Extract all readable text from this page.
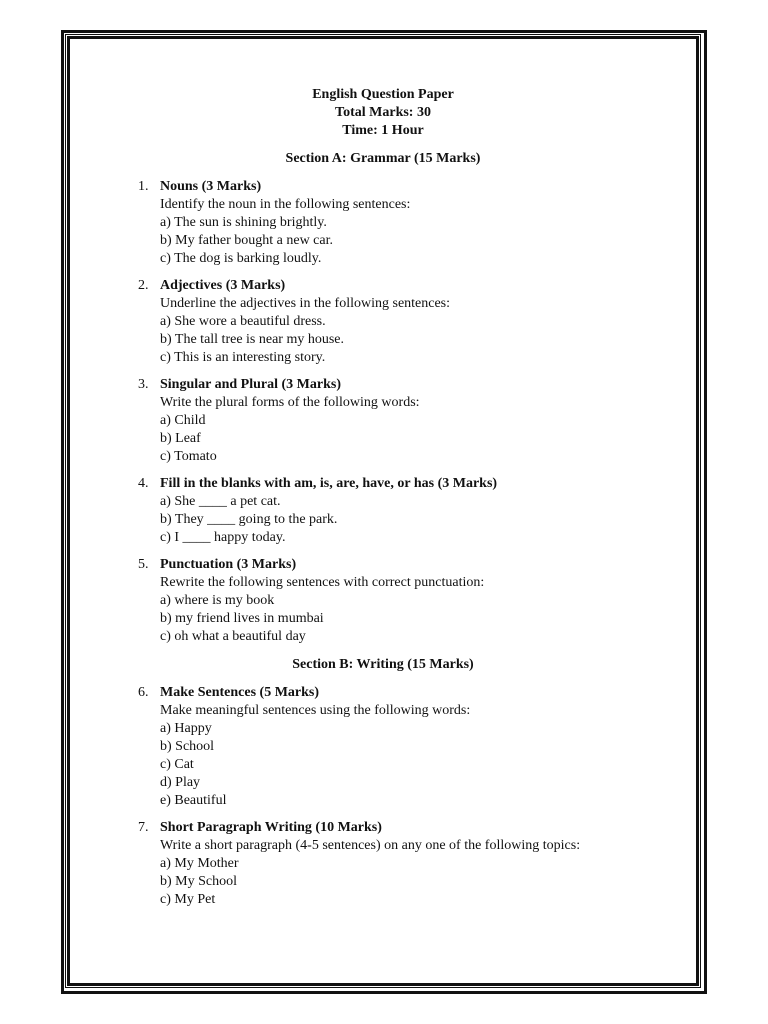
English Question Paper
Total Marks: 30
Time: 1 Hour
Section A: Grammar (15 Marks)
1. Nouns (3 Marks)
Identify the noun in the following sentences:
a) The sun is shining brightly.
b) My father bought a new car.
c) The dog is barking loudly.
2. Adjectives (3 Marks)
Underline the adjectives in the following sentences:
a) She wore a beautiful dress.
b) The tall tree is near my house.
c) This is an interesting story.
3. Singular and Plural (3 Marks)
Write the plural forms of the following words:
a) Child
b) Leaf
c) Tomato
4. Fill in the blanks with am, is, are, have, or has (3 Marks)
a) She ____ a pet cat.
b) They ____ going to the park.
c) I ____ happy today.
5. Punctuation (3 Marks)
Rewrite the following sentences with correct punctuation:
a) where is my book
b) my friend lives in mumbai
c) oh what a beautiful day
Section B: Writing (15 Marks)
6. Make Sentences (5 Marks)
Make meaningful sentences using the following words:
a) Happy
b) School
c) Cat
d) Play
e) Beautiful
7. Short Paragraph Writing (10 Marks)
Write a short paragraph (4-5 sentences) on any one of the following topics:
a) My Mother
b) My School
c) My Pet
